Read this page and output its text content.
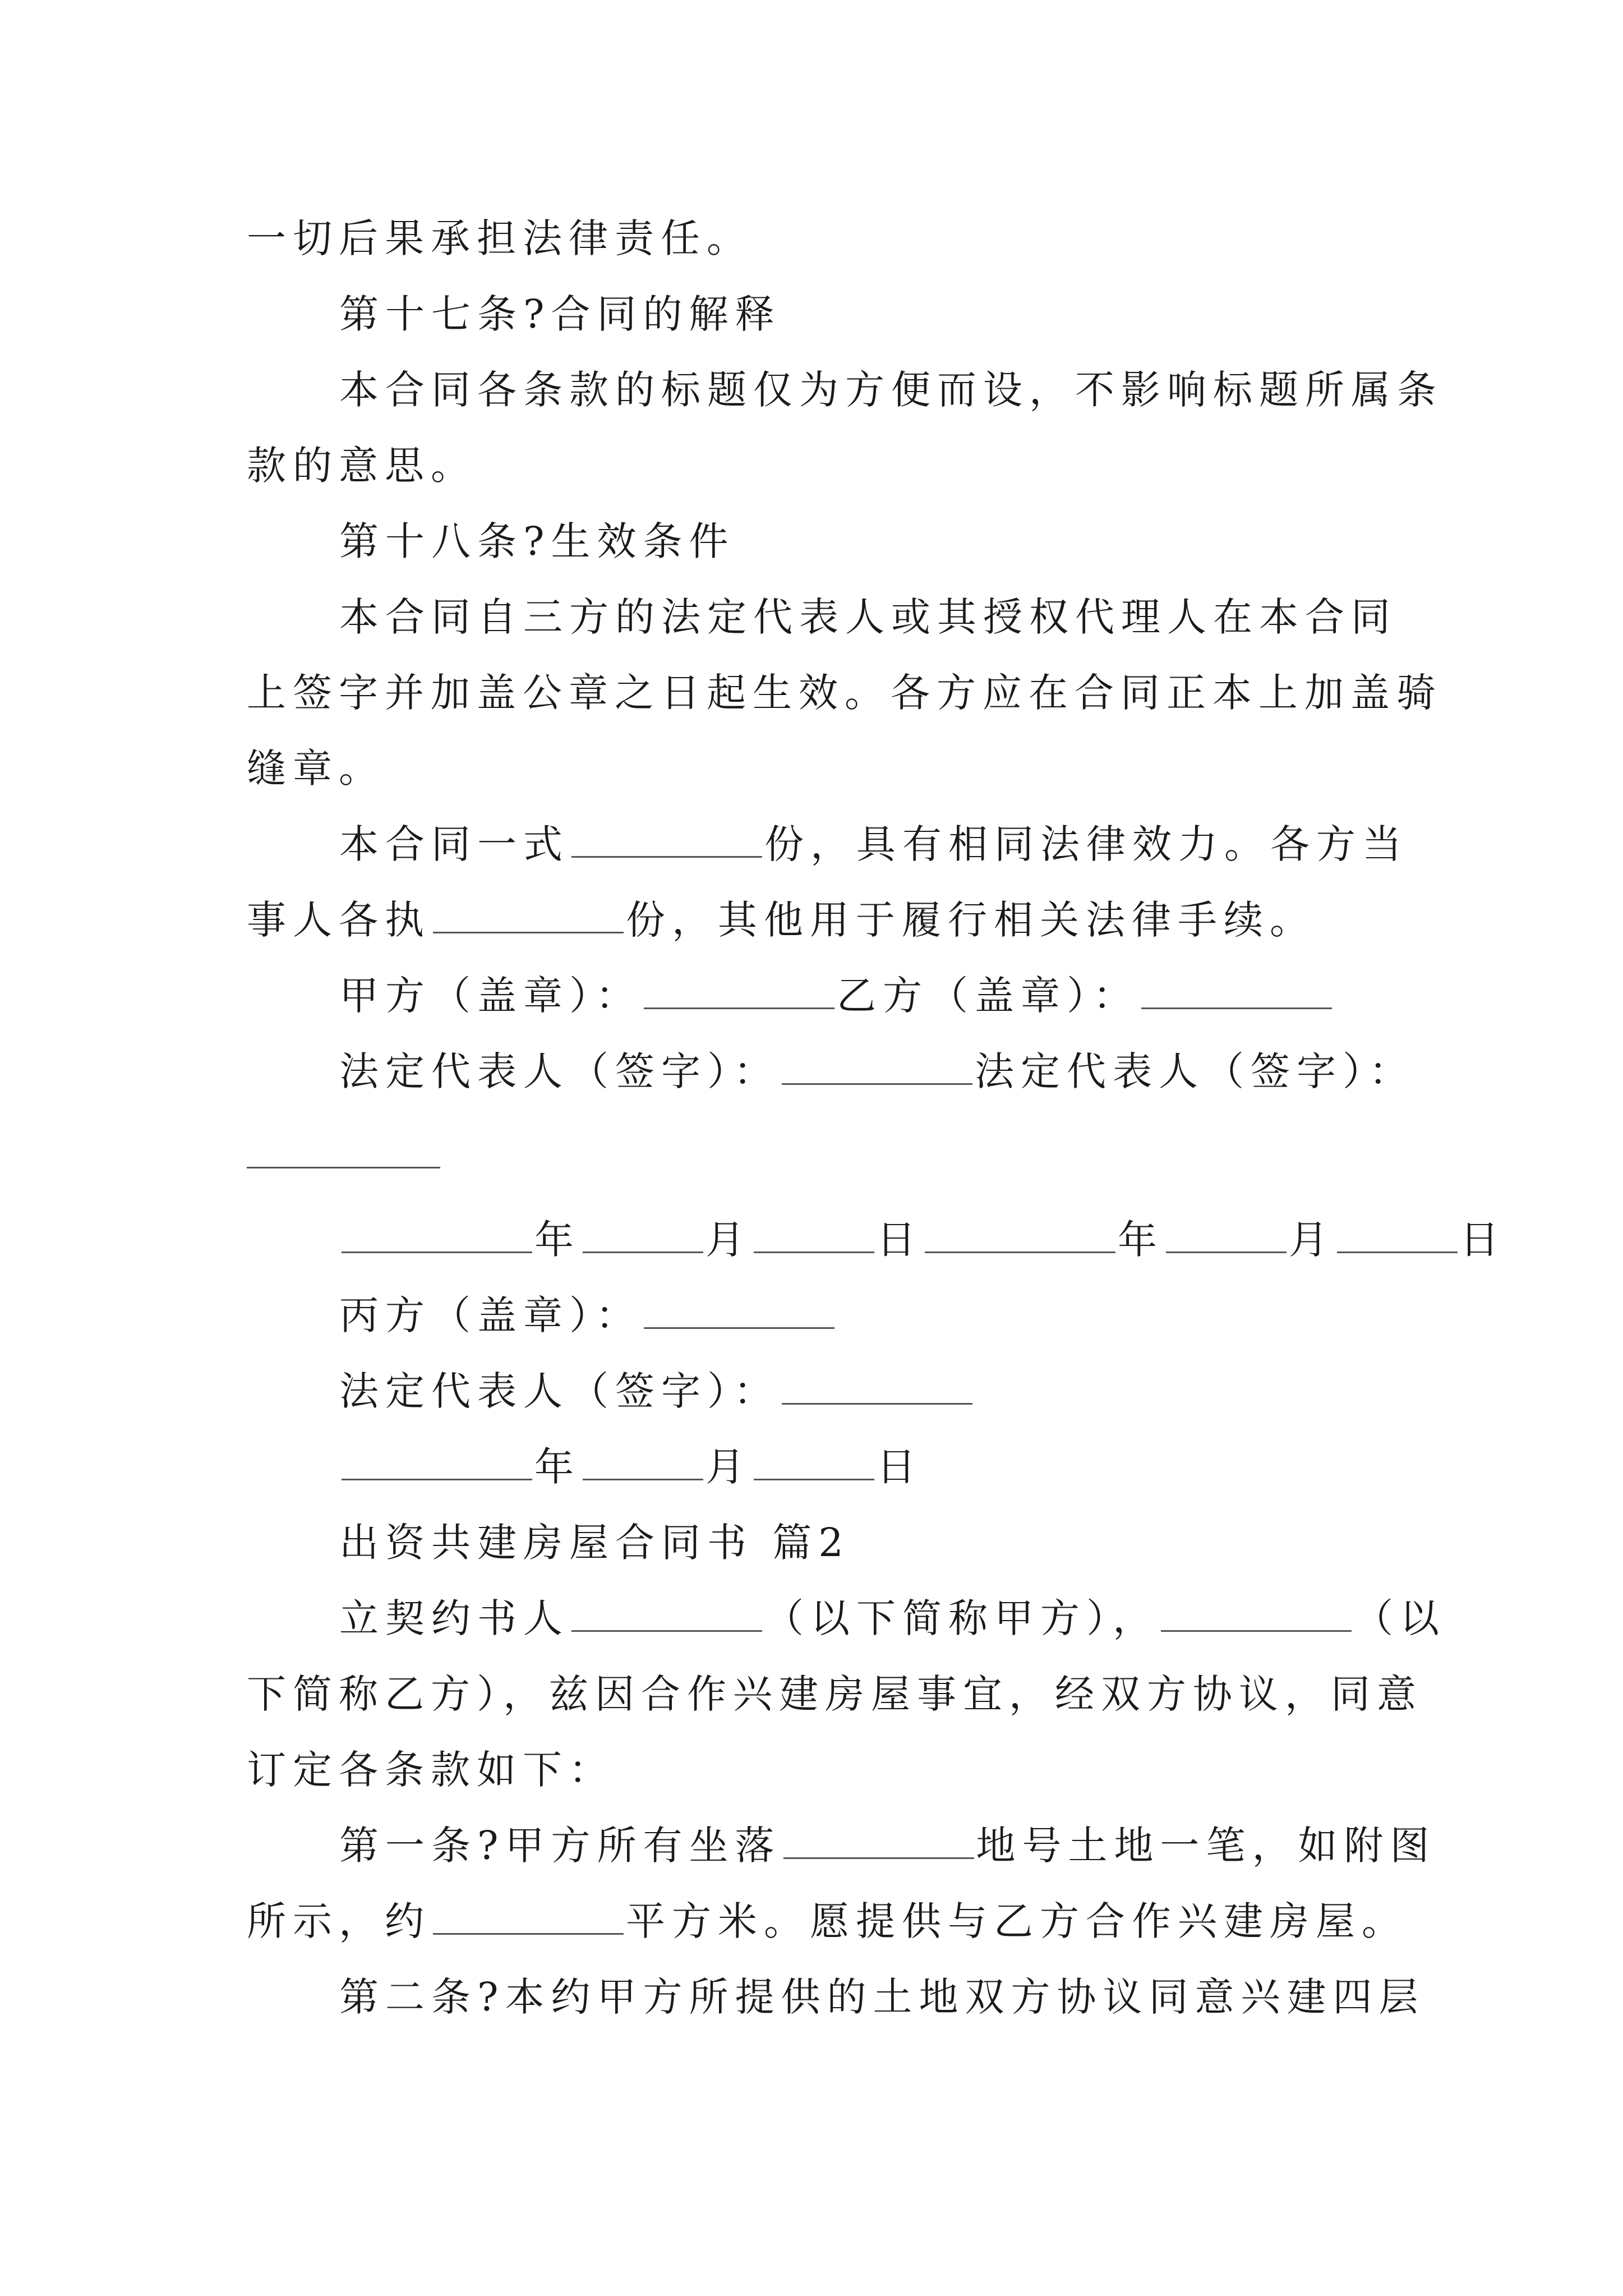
一切后果承担法律责任。
第十七条?合同的解释
本合同各条款的标题仅为方便而设，不影响标题所属条
款的意思。
第十八条?生效条件
本合同自三方的法定代表人或其授权代理人在本合同
上签字并加盖公章之日起生效。各方应在合同正本上加盖骑
缝章。
本合同一式	份，具有相同法律效力。各方当
事人各执	份，其他用于履行相关法律手续。
甲方（盖章）：	乙方（盖章）：
法定代表人（签字）：	法定代表人（签字）：
年	月	日	年	月	日
丙方（盖章）：
法定代表人（签字）：
年	月	日
出资共建房屋合同书 篇2
立契约书人	（以下简称甲方），	（以
下简称乙方），兹因合作兴建房屋事宜，经双方协议，同意
订定各条款如下：
第一条?甲方所有坐落	地号土地一笔，如附图
所示，约	平方米。愿提供与乙方合作兴建房屋。
第二条?本约甲方所提供的土地双方协议同意兴建四层
